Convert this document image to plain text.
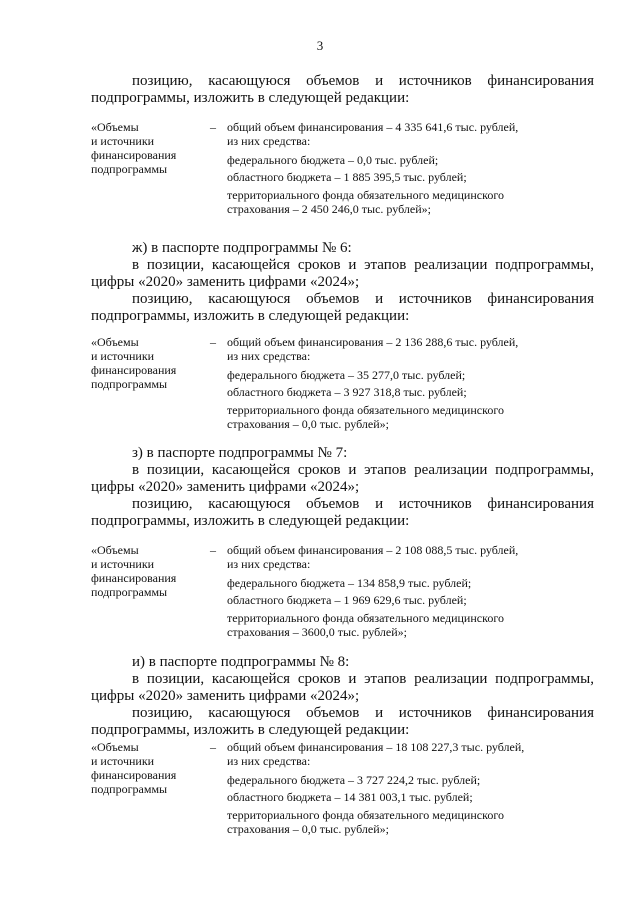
3
позицию, касающуюся объемов и источников финансирования
подпрограммы, изложить в следующей редакции:
«Объемы
и источники
финансирования
подпрограммы
– общий объем финансирования – 4 335 641,6 тыс. рублей,
из них средства:
федерального бюджета – 0,0 тыс. рублей;
областного бюджета – 1 885 395,5 тыс. рублей;
территориального фонда обязательного медицинского
страхования – 2 450 246,0 тыс. рублей»;
ж) в паспорте подпрограммы № 6:
в позиции, касающейся сроков и этапов реализации подпрограммы,
цифры «2020» заменить цифрами «2024»;
позицию, касающуюся объемов и источников финансирования
подпрограммы, изложить в следующей редакции:
«Объемы
и источники
финансирования
подпрограммы
– общий объем финансирования – 2 136 288,6 тыс. рублей,
из них средства:
федерального бюджета – 35 277,0 тыс. рублей;
областного бюджета – 3 927 318,8 тыс. рублей;
территориального фонда обязательного медицинского
страхования – 0,0 тыс. рублей»;
з) в паспорте подпрограммы № 7:
в позиции, касающейся сроков и этапов реализации подпрограммы,
цифры «2020» заменить цифрами «2024»;
позицию, касающуюся объемов и источников финансирования
подпрограммы, изложить в следующей редакции:
«Объемы
и источники
финансирования
подпрограммы
– общий объем финансирования – 2 108 088,5 тыс. рублей,
из них средства:
федерального бюджета – 134 858,9 тыс. рублей;
областного бюджета – 1 969 629,6 тыс. рублей;
территориального фонда обязательного медицинского
страхования – 3600,0 тыс. рублей»;
и) в паспорте подпрограммы № 8:
в позиции, касающейся сроков и этапов реализации подпрограммы,
цифры «2020» заменить цифрами «2024»;
позицию, касающуюся объемов и источников финансирования
подпрограммы, изложить в следующей редакции:
«Объемы
и источники
финансирования
подпрограммы
– общий объем финансирования – 18 108 227,3 тыс. рублей,
из них средства:
федерального бюджета – 3 727 224,2 тыс. рублей;
областного бюджета – 14 381 003,1 тыс. рублей;
территориального фонда обязательного медицинского
страхования – 0,0 тыс. рублей»;
